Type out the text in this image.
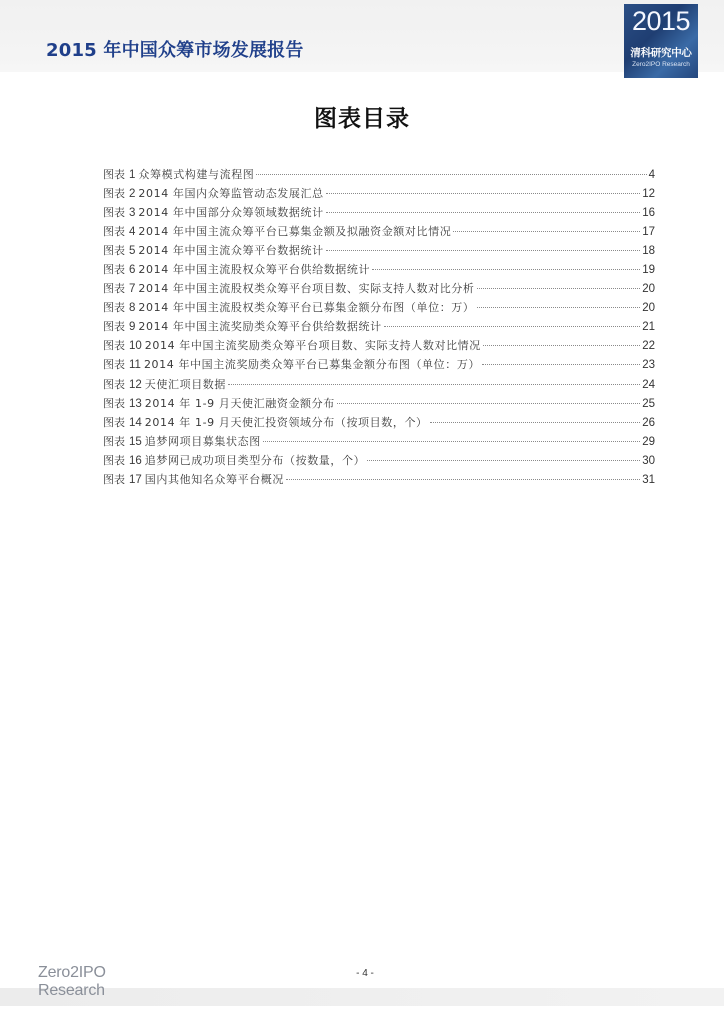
2015 年中国众筹市场发展报告
2015
清科研究中心
Zero2IPO Research
图表目录
图表 1 众筹模式构建与流程图	4
图表 2 2014 年国内众筹监管动态发展汇总	12
图表 3 2014 年中国部分众筹领域数据统计	16
图表 4 2014 年中国主流众筹平台已募集金额及拟融资金额对比情况	17
图表 5 2014 年中国主流众筹平台数据统计	18
图表 6 2014 年中国主流股权众筹平台供给数据统计	19
图表 7 2014 年中国主流股权类众筹平台项目数、实际支持人数对比分析	20
图表 8 2014 年中国主流股权类众筹平台已募集金额分布图（单位：万）	20
图表 9 2014 年中国主流奖励类众筹平台供给数据统计	21
图表 10 2014 年中国主流奖励类众筹平台项目数、实际支持人数对比情况	22
图表 11 2014 年中国主流奖励类众筹平台已募集金额分布图（单位：万）	23
图表 12 天使汇项目数据	24
图表 13 2014 年 1-9 月天使汇融资金额分布	25
图表 14 2014 年 1-9 月天使汇投资领域分布（按项目数，个）	26
图表 15 追梦网项目募集状态图	29
图表 16 追梦网已成功项目类型分布（按数量，个）	30
图表 17 国内其他知名众筹平台概况	31
Zero2IPO
Research
- 4 -
